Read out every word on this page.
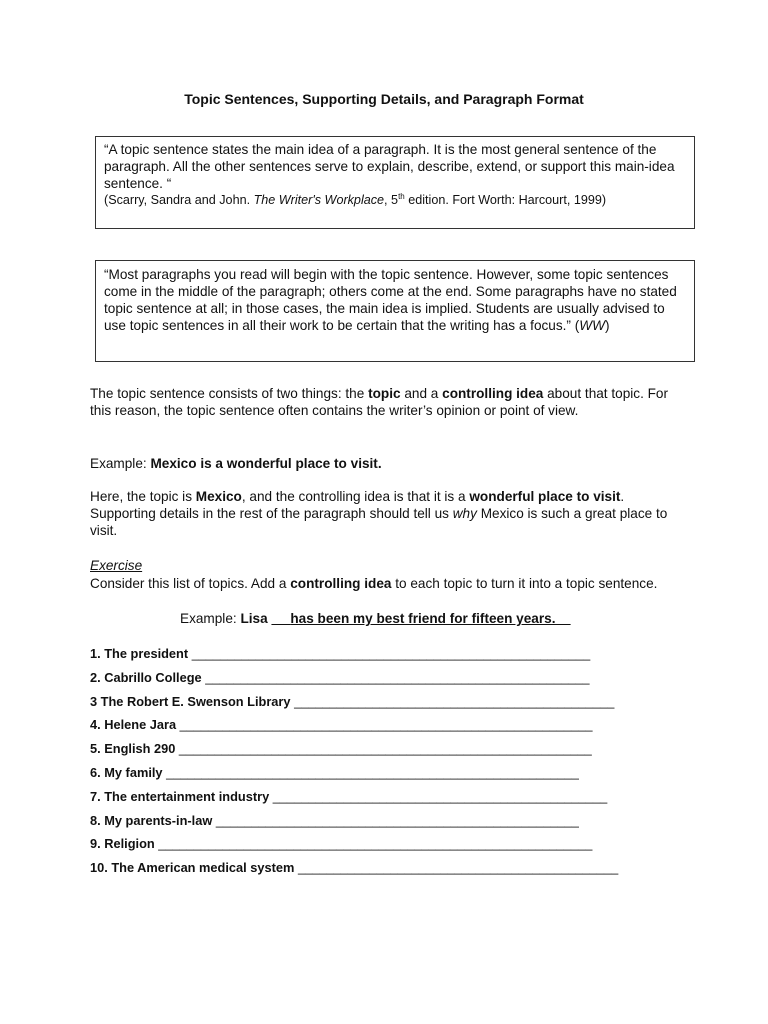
Topic Sentences, Supporting Details, and Paragraph Format

“A topic sentence states the main idea of a paragraph. It is the most general sentence of the paragraph. All the other sentences serve to explain, describe, extend, or support this main-idea sentence. “

(Scarry, Sandra and John. The Writer's Workplace, 5th edition. Fort Worth: Harcourt, 1999)

“Most paragraphs you read will begin with the topic sentence. However, some topic sentences come in the middle of the paragraph; others come at the end. Some paragraphs have no stated topic sentence at all; in those cases, the main idea is implied. Students are usually advised to use topic sentences in all their work to be certain that the writing has a focus.” (WW)

The topic sentence consists of two things: the topic and a controlling idea about that topic. For this reason, the topic sentence often contains the writer’s opinion or point of view.

Example: Mexico is a wonderful place to visit.

Here, the topic is Mexico, and the controlling idea is that it is a wonderful place to visit. Supporting details in the rest of the paragraph should tell us why Mexico is such a great place to visit.

Exercise

Consider this list of topics. Add a controlling idea to each topic to turn it into a topic sentence.

Example: Lisa has been my best friend for fifteen years.

1. The president ________________________________________________________
2. Cabrillo College ______________________________________________________
3 The Robert E. Swenson Library _____________________________________________
4. Helene Jara __________________________________________________________
5. English 290 __________________________________________________________
6. My family __________________________________________________________
7. The entertainment industry _______________________________________________
8. My parents-in-law ___________________________________________________
9. Religion _____________________________________________________________
10. The American medical system _____________________________________________
